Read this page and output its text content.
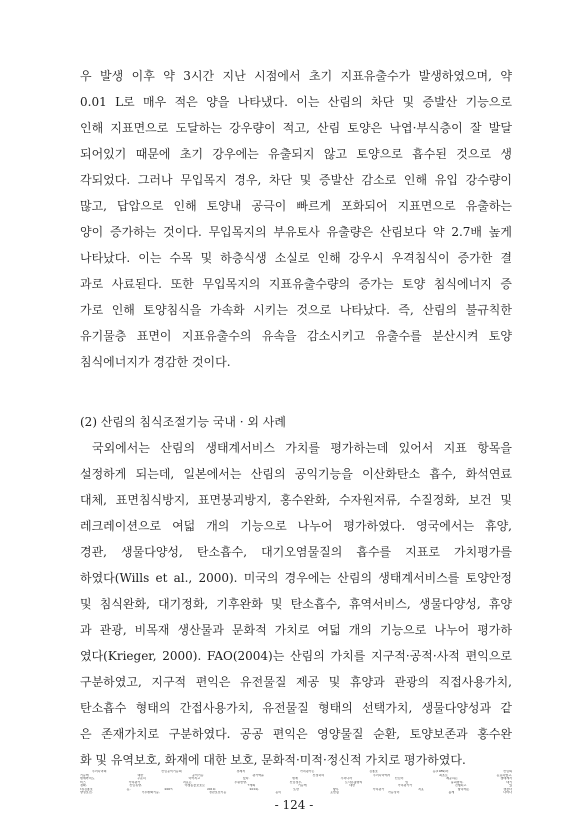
우 발생 이후 약 3시간 지난 시점에서 초기 지표유출수가 발생하였으며, 약
0.01 L로 매우 적은 양을 나타냈다. 이는 산림의 차단 및 증발산 기능으로
인해 지표면으로 도달하는 강우량이 적고, 산림 토양은 낙엽·부식층이 잘 발달
되어있기 때문에 초기 강우에는 유출되지 않고 토양으로 흡수된 것으로 생
각되었다. 그러나 무입목지 경우, 차단 및 증발산 감소로 인해 유입 강수량이
많고, 답압으로 인해 토양내 공극이 빠르게 포화되어 지표면으로 유출하는
양이 증가하는 것이다. 무입목지의 부유토사 유출량은 산림보다 약 2.7배 높게
나타났다. 이는 수목 및 하층식생 소실로 인해 강우시 우격침식이 증가한 결
과로 사료된다. 또한 무입목지의 지표유출수량의 증가는 토양 침식에너지 증
가로 인해 토양침식을 가속화 시키는 것으로 나타났다. 즉, 산림의 불규칙한
유기물층 표면이 지표유출수의 유속을 감소시키고 유출수를 분산시켜 토양
침식에너지가 경감한 것이다.
(2) 산림의 침식조절기능 국내 · 외 사례
국외에서는 산림의 생태계서비스 가치를 평가하는데 있어서 지표 항목을
설정하게 되는데, 일본에서는 산림의 공익기능을 이산화탄소 흡수, 화석연료
대체, 표면침식방지, 표면붕괴방지, 홍수완화, 수자원저류, 수질정화, 보건 및
레크레이션으로 여덟 개의 기능으로 나누어 평가하였다. 영국에서는 휴양,
경관, 생물다양성, 탄소흡수, 대기오염물질의 흡수를 지표로 가치평가를
하였다(Wills et al., 2000). 미국의 경우에는 산림의 생태계서비스를 토양안정
및 침식완화, 대기정화, 기후완화 및 탄소흡수, 휴역서비스, 생물다양성, 휴양
과 관광, 비목재 생산물과 문화적 가치로 여덟 개의 기능으로 나누어 평가하
였다(Krieger, 2000). FAO(2004)는 산림의 가치를 지구적·공적·사적 편익으로
구분하였고, 지구적 편익은 유전물질 제공 및 휴양과 관광의 직접사용가치,
탄소흡수 형태의 간접사용가치, 유전물질 형태의 선택가치, 생물다양성과 같
은 존재가치로 구분하였다. 공공 편익은 영양물질 순환, 토양보존과 홍수완
화 및 유역보호, 화재에 대한 보호, 문화적·미적·정신적 가치로 평가하였다.
우리나라의 산림공익기능의 경제적 가치평가는 김종호 등(1989)이 산림의
기능에 대한 공익기능 평가액을 산정하여 우리나라에서 최초로 공표하였고,
현재까지도 꾸준히 이어지고 있다. 현재 우리나라 산림이 제공하는 생태계서
비스 가치평가 지표는 수원함양, 산림정수, 토사유출방지 및 붕괴방지, 대기
정화, 산림휴양, 야생동물보호로 7개의 기능에 대한 가치평가가 진행되고 있
다(김종호 등, 2007; 2010; 2012). 또한 향후 가치평가 지표 항목에는 생물다
양성보전, 기후완화기능, 경관보전기능 등이 포함될 가능성이 높게 나타나
- 124 -
